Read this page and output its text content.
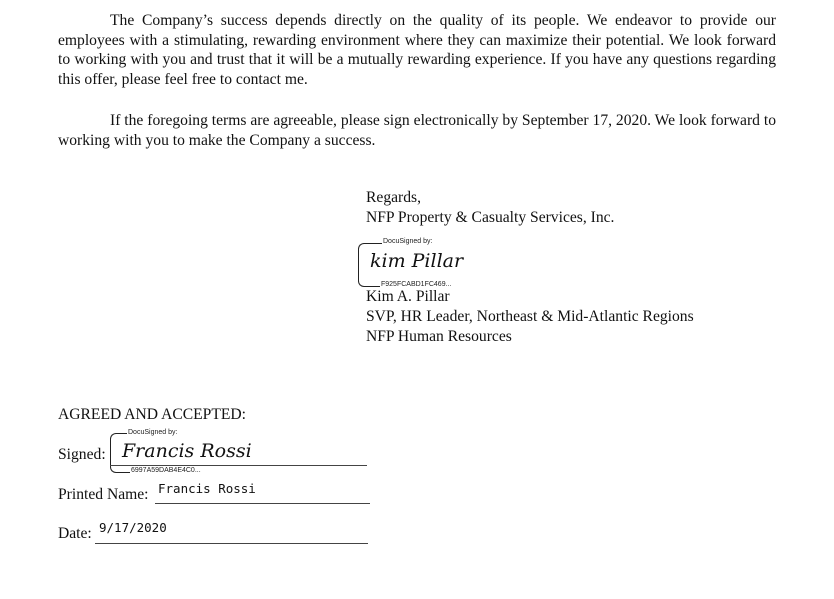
The Company’s success depends directly on the quality of its people. We endeavor to provide our employees with a stimulating, rewarding environment where they can maximize their potential. We look forward to working with you and trust that it will be a mutually rewarding experience. If you have any questions regarding this offer, please feel free to contact me.

If the foregoing terms are agreeable, please sign electronically by September 17, 2020. We look forward to working with you to make the Company a success.

Regards,
NFP Property & Casualty Services, Inc.
DocuSigned by:
kim Pillar
F925FCABD1FC469...
Kim A. Pillar
SVP, HR Leader, Northeast & Mid-Atlantic Regions
NFP Human Resources
AGREED AND ACCEPTED:
Signed:
DocuSigned by:
Francis Rossi
6997A59DAB4E4C0...
Printed Name: Francis Rossi
Date: 9/17/2020
